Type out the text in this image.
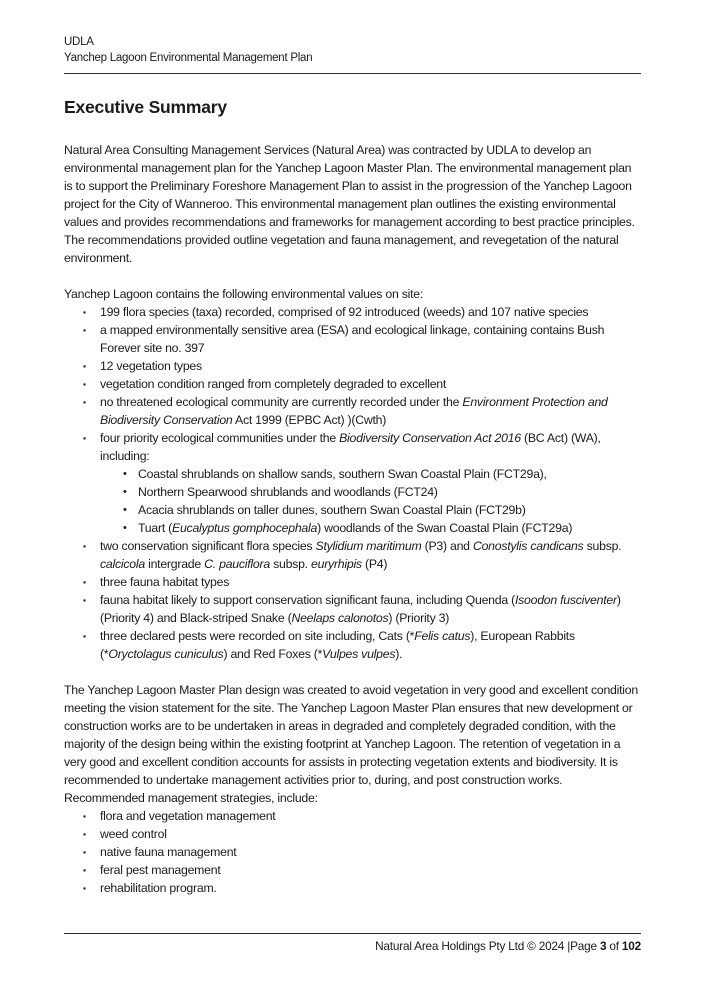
UDLA
Yanchep Lagoon Environmental Management Plan
Executive Summary

Natural Area Consulting Management Services (Natural Area) was contracted by UDLA to develop an environmental management plan for the Yanchep Lagoon Master Plan. The environmental management plan is to support the Preliminary Foreshore Management Plan to assist in the progression of the Yanchep Lagoon project for the City of Wanneroo. This environmental management plan outlines the existing environmental values and provides recommendations and frameworks for management according to best practice principles. The recommendations provided outline vegetation and fauna management, and revegetation of the natural environment.

Yanchep Lagoon contains the following environmental values on site:

▪ 199 flora species (taxa) recorded, comprised of 92 introduced (weeds) and 107 native species
▪ a mapped environmentally sensitive area (ESA) and ecological linkage, containing contains Bush Forever site no. 397
▪ 12 vegetation types
▪ vegetation condition ranged from completely degraded to excellent
▪ no threatened ecological community are currently recorded under the Environment Protection and Biodiversity Conservation Act 1999 (EPBC Act) )(Cwth)
▪ four priority ecological communities under the Biodiversity Conservation Act 2016 (BC Act) (WA), including:
• Coastal shrublands on shallow sands, southern Swan Coastal Plain (FCT29a),
• Northern Spearwood shrublands and woodlands (FCT24)
• Acacia shrublands on taller dunes, southern Swan Coastal Plain (FCT29b)
• Tuart (Eucalyptus gomphocephala) woodlands of the Swan Coastal Plain (FCT29a)
▪ two conservation significant flora species Stylidium maritimum (P3) and Conostylis candicans subsp. calcicola intergrade C. pauciflora subsp. euryrhipis (P4)
▪ three fauna habitat types
▪ fauna habitat likely to support conservation significant fauna, including Quenda (Isoodon fusciventer) (Priority 4) and Black-striped Snake (Neelaps calonotos) (Priority 3)
▪ three declared pests were recorded on site including, Cats (*Felis catus), European Rabbits (*Oryctolagus cuniculus) and Red Foxes (*Vulpes vulpes).

The Yanchep Lagoon Master Plan design was created to avoid vegetation in very good and excellent condition meeting the vision statement for the site. The Yanchep Lagoon Master Plan ensures that new development or construction works are to be undertaken in areas in degraded and completely degraded condition, with the majority of the design being within the existing footprint at Yanchep Lagoon. The retention of vegetation in a very good and excellent condition accounts for assists in protecting vegetation extents and biodiversity. It is recommended to undertake management activities prior to, during, and post construction works. Recommended management strategies, include:

▪ flora and vegetation management
▪ weed control
▪ native fauna management
▪ feral pest management
▪ rehabilitation program.
Natural Area Holdings Pty Ltd © 2024 |Page 3 of 102
